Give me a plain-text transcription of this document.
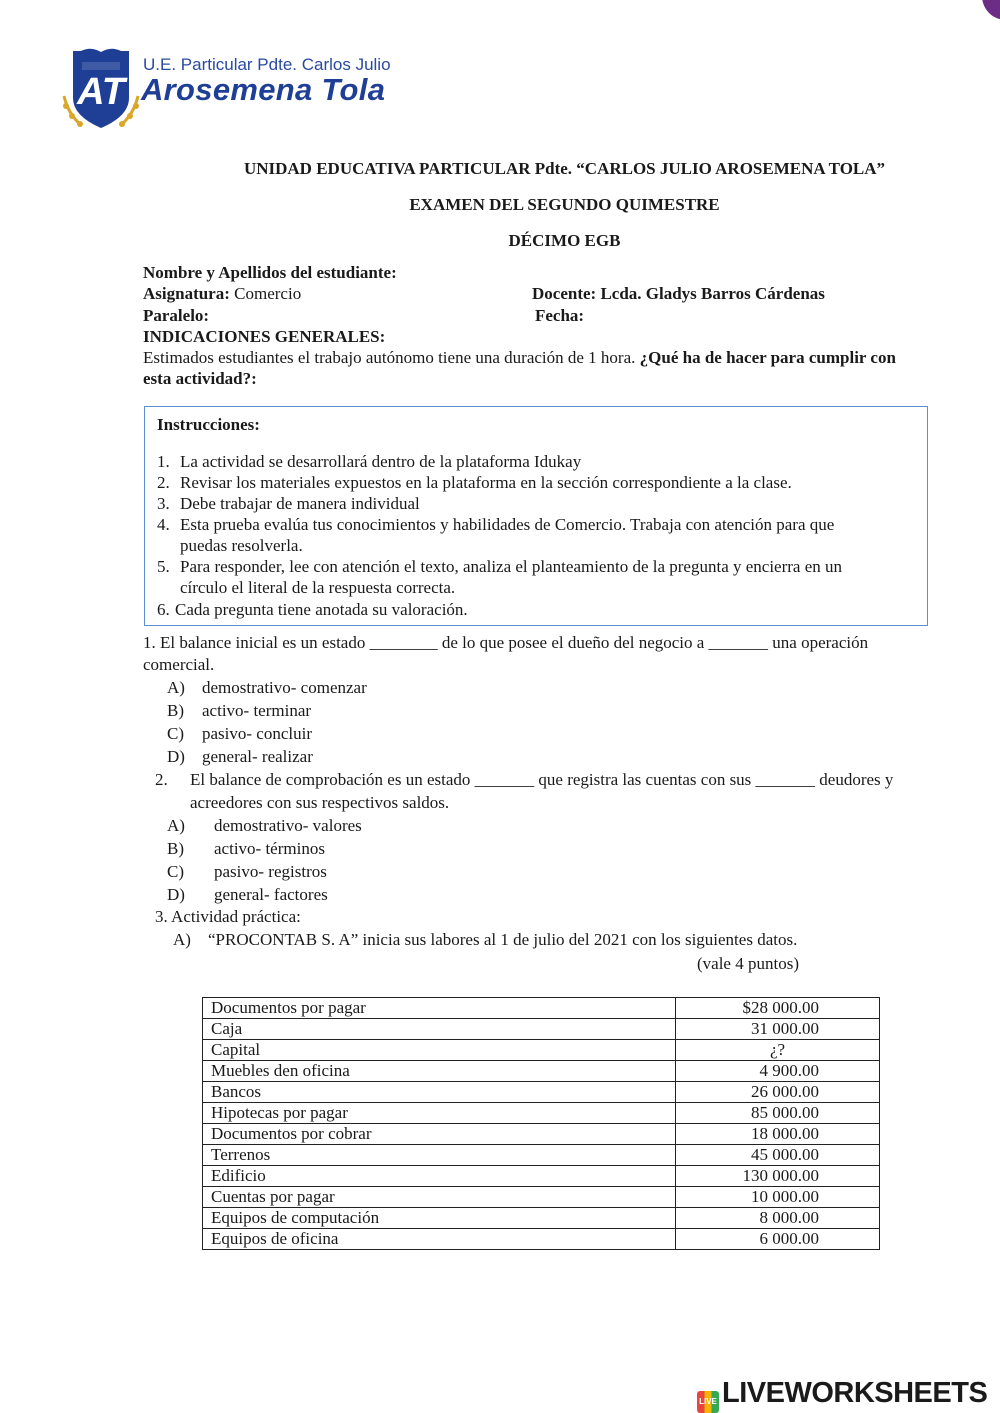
AT
U.E. Particular Pdte. Carlos Julio
Arosemena Tola
UNIDAD EDUCATIVA PARTICULAR Pdte. “CARLOS JULIO AROSEMENA TOLA”
EXAMEN DEL SEGUNDO QUIMESTRE
DÉCIMO EGB
Nombre y Apellidos del estudiante:
Asignatura: Comercio	Docente: Lcda. Gladys Barros Cárdenas
Paralelo:	Fecha:
INDICACIONES GENERALES:
Estimados estudiantes el trabajo autónomo tiene una duración de 1 hora. ¿Qué ha de hacer para cumplir con
esta actividad?:
Instrucciones:
1. La actividad se desarrollará dentro de la plataforma Idukay
2. Revisar los materiales expuestos en la plataforma en la sección correspondiente a la clase.
3. Debe trabajar de manera individual
4. Esta prueba evalúa tus conocimientos y habilidades de Comercio. Trabaja con atención para que
puedas resolverla.
5. Para responder, lee con atención el texto, analiza el planteamiento de la pregunta y encierra en un
círculo el literal de la respuesta correcta.
6. Cada pregunta tiene anotada su valoración.
1. El balance inicial es un estado ________ de lo que posee el dueño del negocio a _______ una operación
comercial.
A) demostrativo- comenzar
B) activo- terminar
C) pasivo- concluir
D) general- realizar
2. El balance de comprobación es un estado _______ que registra las cuentas con sus _______ deudores y
acreedores con sus respectivos saldos.
A) demostrativo- valores
B) activo- términos
C) pasivo- registros
D) general- factores
3. Actividad práctica:
A) “PROCONTAB S. A” inicia sus labores al 1 de julio del 2021 con los siguientes datos.
(vale 4 puntos)
Documentos por pagar	$28 000.00
Caja	31 000.00
Capital	¿?
Muebles den oficina	4 900.00
Bancos	26 000.00
Hipotecas por pagar	85 000.00
Documentos por cobrar	18 000.00
Terrenos	45 000.00
Edificio	130 000.00
Cuentas por pagar	10 000.00
Equipos de computación	8 000.00
Equipos de oficina	6 000.00
LIVE LIVEWORKSHEETS
